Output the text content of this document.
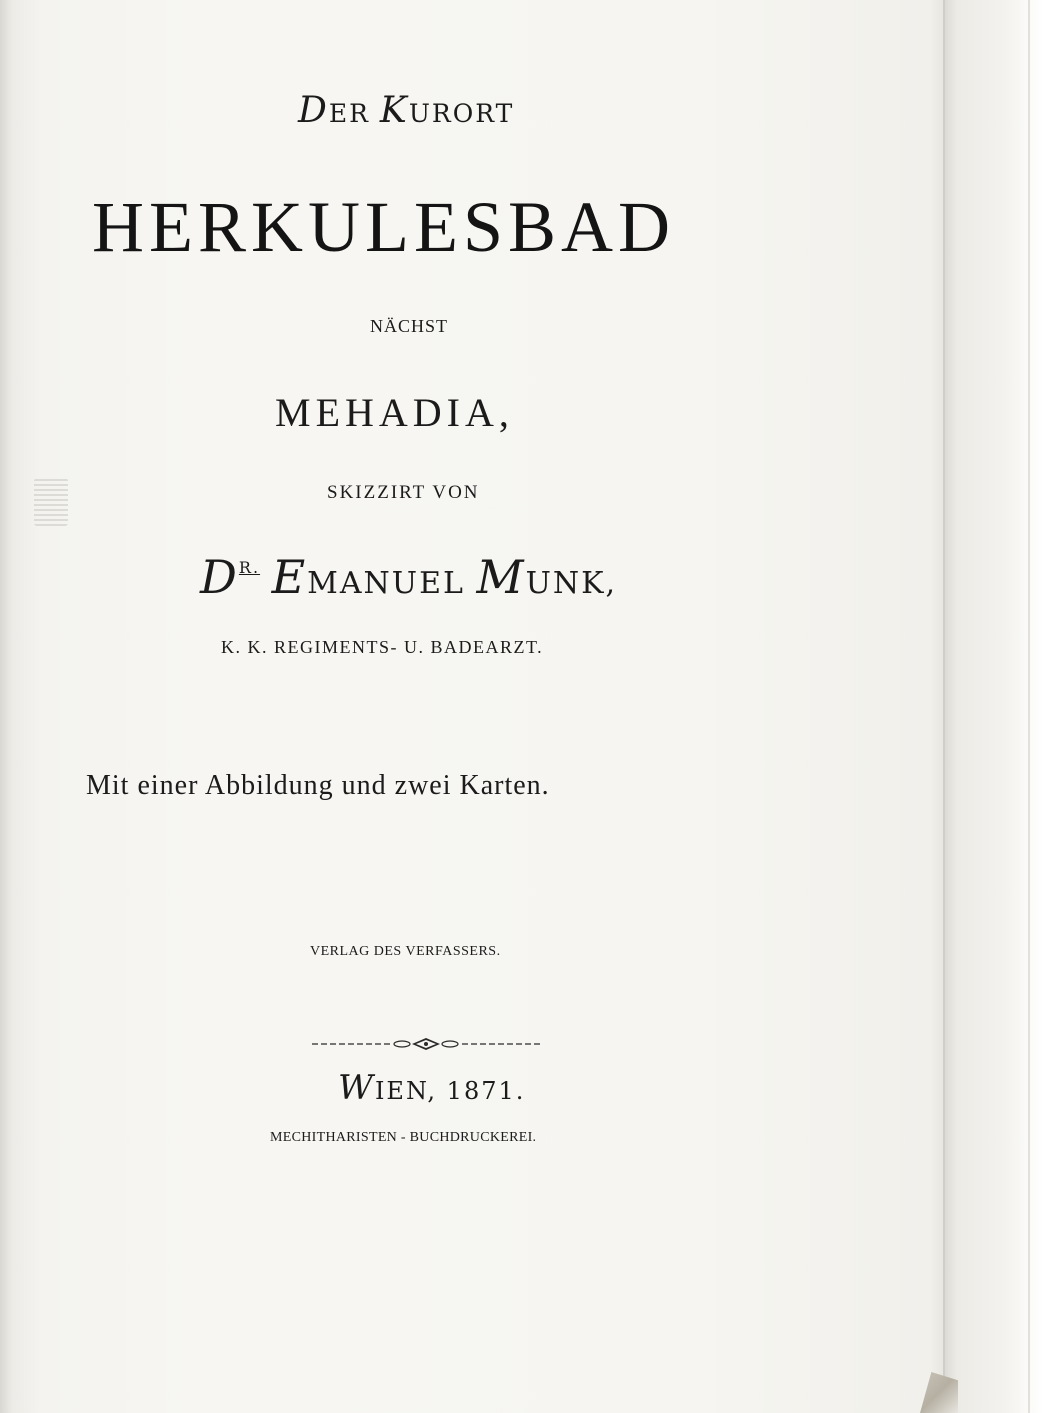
DER KURORT
HERKULESBAD
NÄCHST
MEHADIA,
SKIZZIRT VON
$D^{R.}$ EMANUEL MUNK,
K. K. REGIMENTS- U. BADEARZT.
Mit einer Abbildung und zwei Karten.
VERLAG DES VERFASSERS.
WIEN, 1871.
MECHITHARISTEN - BUCHDRUCKEREI.
